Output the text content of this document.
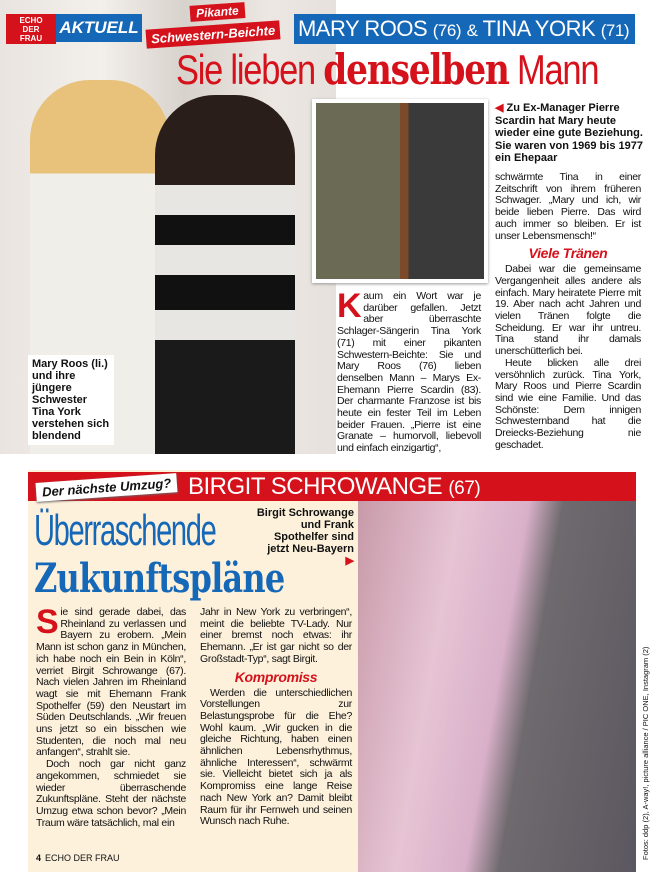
ECHO
DER
FRAU
AKTUELL	MARY ROOS (76) & TINA YORK (71)
Pikante
Schwestern-Beichte
Sie lieben denselben Mann
◀ Zu Ex-Manager Pierre Scardin hat Mary heute wieder eine gute Beziehung. Sie waren von 1969 bis 1977 ein Ehepaar
Mary Roos (li.) und ihre jüngere Schwester Tina York verstehen sich blendend
Kaum ein Wort war je darüber gefallen. Jetzt aber überraschte Schlager-Sängerin Tina York (71) mit einer pikanten Schwestern-Beichte: Sie und Mary Roos (76) lieben denselben Mann – Marys Ex-Ehemann Pierre Scardin (83). Der charmante Franzose ist bis heute ein fester Teil im Leben beider Frauen. „Pierre ist eine Granate – humorvoll, liebevoll und einfach einzigartig“,

schwärmte Tina in einer Zeitschrift von ihrem früheren Schwager. „Mary und ich, wir beide lieben Pierre. Das wird auch immer so bleiben. Er ist unser Lebensmensch!“

Viele Tränen

Dabei war die gemeinsame Vergangenheit alles andere als einfach. Mary heiratete Pierre mit 19. Aber nach acht Jahren und vielen Tränen folgte die Scheidung. Er war ihr untreu. Tina stand ihr damals unerschütterlich bei.

Heute blicken alle drei versöhnlich zurück. Tina York, Mary Roos und Pierre Scardin sind wie eine Familie. Und das Schönste: Dem innigen Schwesternband hat die Dreiecks-Beziehung nie geschadet.

BIRGIT SCHROWANGE (67)
Der nächste Umzug?
Überraschende
Zukunftspläne
Birgit Schrowange und Frank Spothelfer sind jetzt Neu-Bayern ▶

Sie sind gerade dabei, das Rheinland zu verlassen und Bayern zu erobern. „Mein Mann ist schon ganz in München, ich habe noch ein Bein in Köln“, verriet Birgit Schrowange (67). Nach vielen Jahren im Rheinland wagt sie mit Ehemann Frank Spothelfer (59) den Neustart im Süden Deutschlands. „Wir freuen uns jetzt so ein bisschen wie Studenten, die noch mal neu anfangen“, strahlt sie.

Doch noch gar nicht ganz angekommen, schmiedet sie wieder überraschende Zukunftspläne. Steht der nächste Umzug etwa schon bevor? „Mein Traum wäre tatsächlich, mal ein

Jahr in New York zu verbringen“, meint die beliebte TV-Lady. Nur einer bremst noch etwas: ihr Ehemann. „Er ist gar nicht so der Großstadt-Typ“, sagt Birgit.

Kompromiss

Werden die unterschiedlichen Vorstellungen zur Belastungsprobe für die Ehe? Wohl kaum. „Wir gucken in die gleiche Richtung, haben einen ähnlichen Lebensrhythmus, ähnliche Interessen“, schwärmt sie. Vielleicht bietet sich ja als Kompromiss eine lange Reise nach New York an? Damit bleibt Raum für ihr Fernweh und seinen Wunsch nach Ruhe.

4 ECHO DER FRAU	Fotos: ddp (2), A-way!, picture alliance / PIC ONE, Instagram (2)
